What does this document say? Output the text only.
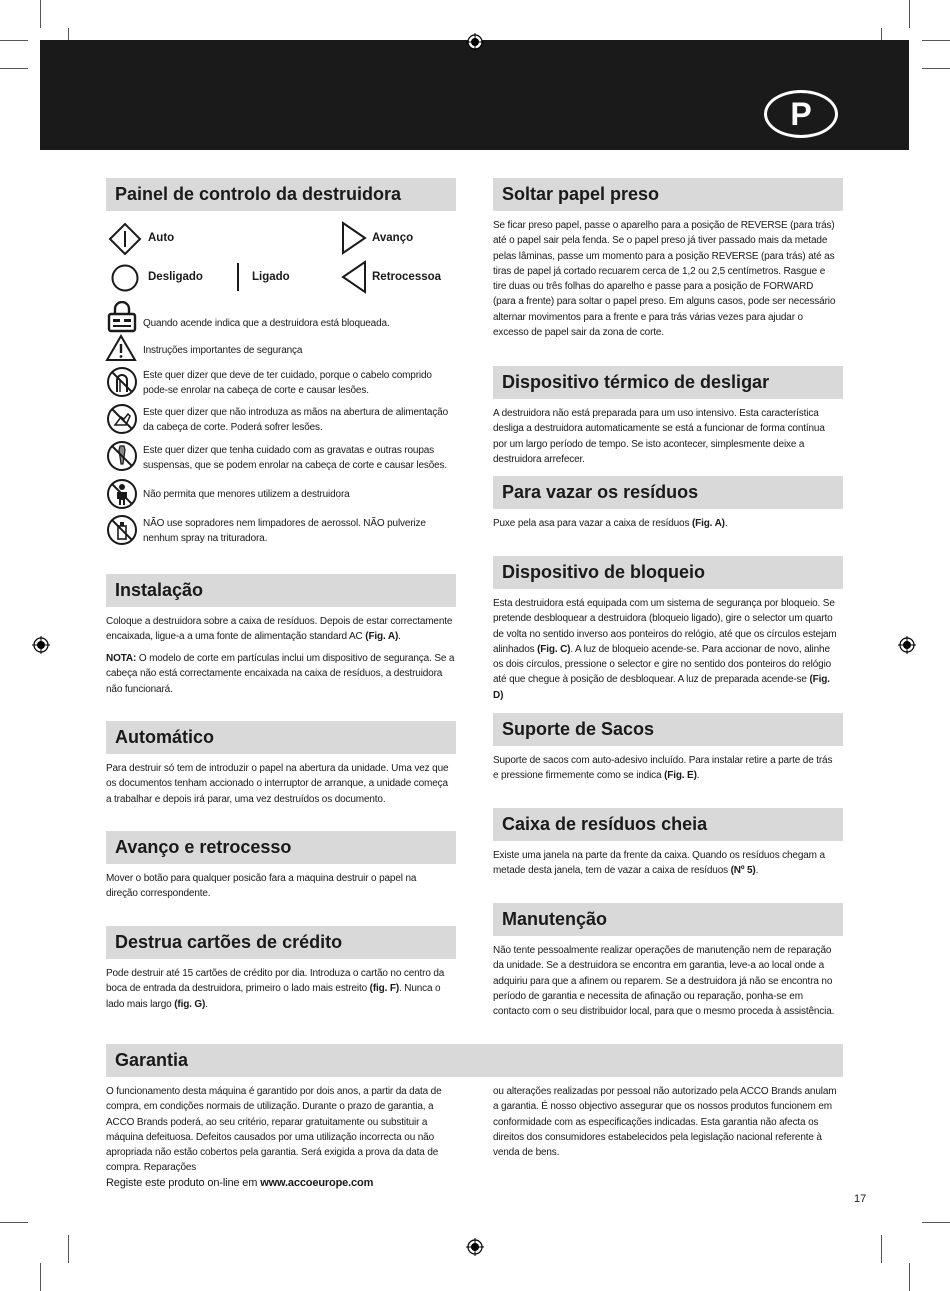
P
Painel de controlo da destruidora
Auto	Avanço
Desligado	Ligado	Retrocessoa
Quando acende indica que a destruidora está bloqueada.
Instruções importantes de segurança
Este quer dizer que deve de ter cuidado, porque o cabelo comprido pode-se enrolar na cabeça de corte e causar lesões.
Este quer dizer que não introduza as mãos na abertura de alimentação da cabeça de corte. Poderá sofrer lesões.
Este quer dizer que tenha cuidado com as gravatas e outras roupas suspensas, que se podem enrolar na cabeça de corte e causar lesões.
Não permita que menores utilizem a destruidora
NÃO use sopradores nem limpadores de aerossol. NÃO pulverize nenhum spray na trituradora.
Instalação
Coloque a destruidora sobre a caixa de resíduos. Depois de estar correctamente encaixada, ligue-a a uma fonte de alimentação standard AC (Fig. A).
NOTA: O modelo de corte em partículas inclui um dispositivo de segurança. Se a cabeça não está correctamente encaixada na caixa de resíduos, a destruidora não funcionará.
Automático
Para destruir só tem de introduzir o papel na abertura da unidade. Uma vez que os documentos tenham accionado o interruptor de arranque, a unidade começa a trabalhar e depois irá parar, uma vez destruídos os documento.
Avanço e retrocesso
Mover o botão para qualquer posicão fara a maquina destruir o papel na direção correspondente.
Destrua cartões de crédito
Pode destruir até 15 cartões de crédito por dia. Introduza o cartão no centro da boca de entrada da destruidora, primeiro o lado mais estreito (fig. F). Nunca o lado mais largo (fig. G).
Soltar papel preso
Se ficar preso papel, passe o aparelho para a posição de REVERSE (para trás) até o papel sair pela fenda. Se o papel preso já tiver passado mais da metade pelas lâminas, passe um momento para a posição REVERSE (para trás) até as tiras de papel já cortado recuarem cerca de 1,2 ou 2,5 centímetros. Rasgue e tire duas ou três folhas do aparelho e passe para a posição de FORWARD (para a frente) para soltar o papel preso. Em alguns casos, pode ser necessário alternar movimentos para a frente e para trás várias vezes para ajudar o excesso de papel sair da zona de corte.
Dispositivo térmico de desligar
A destruidora não está preparada para um uso intensivo. Esta característica desliga a destruidora automaticamente se está a funcionar de forma contínua por um largo período de tempo. Se isto acontecer, simplesmente deixe a destruidora arrefecer.
Para vazar os resíduos
Puxe pela asa para vazar a caixa de resíduos (Fig. A).
Dispositivo de bloqueio
Esta destruidora está equipada com um sistema de segurança por bloqueio. Se pretende desbloquear a destruidora (bloqueio ligado), gire o selector um quarto de volta no sentido inverso aos ponteiros do relógio, até que os círculos estejam alinhados (Fig. C). A luz de bloqueio acende-se. Para accionar de novo, alinhe os dois círculos, pressione o selector e gire no sentido dos ponteiros do relógio até que chegue à posição de desbloquear. A luz de preparada acende-se (Fig. D)
Suporte de Sacos
Suporte de sacos com auto-adesivo incluído. Para instalar retire a parte de trás e pressione firmemente como se indica (Fig. E).
Caixa de resíduos cheia
Existe uma janela na parte da frente da caixa. Quando os resíduos chegam a metade desta janela, tem de vazar a caixa de resíduos (Nº 5).
Manutenção
Não tente pessoalmente realizar operações de manutenção nem de reparação da unidade. Se a destruidora se encontra em garantia, leve-a ao local onde a adquiriu para que a afinem ou reparem. Se a destruidora já não se encontra no período de garantia e necessita de afinação ou reparação, ponha-se em contacto com o seu distribuidor local, para que o mesmo proceda à assistência.
Garantia
O funcionamento desta máquina é garantido por dois anos, a partir da data de compra, em condições normais de utilização. Durante o prazo de garantia, a ACCO Brands poderá, ao seu critério, reparar gratuitamente ou substituir a máquina defeituosa. Defeitos causados por uma utilização incorrecta ou não apropriada não estão cobertos pela garantia. Será exigida a prova da data de compra. Reparações
ou alterações realizadas por pessoal não autorizado pela ACCO Brands anulam a garantia. É nosso objectivo assegurar que os nossos produtos funcionem em conformidade com as especificações indicadas. Esta garantia não afecta os direitos dos consumidores estabelecidos pela legislação nacional referente à venda de bens.
Registe este produto on-line em www.accoeurope.com
17
